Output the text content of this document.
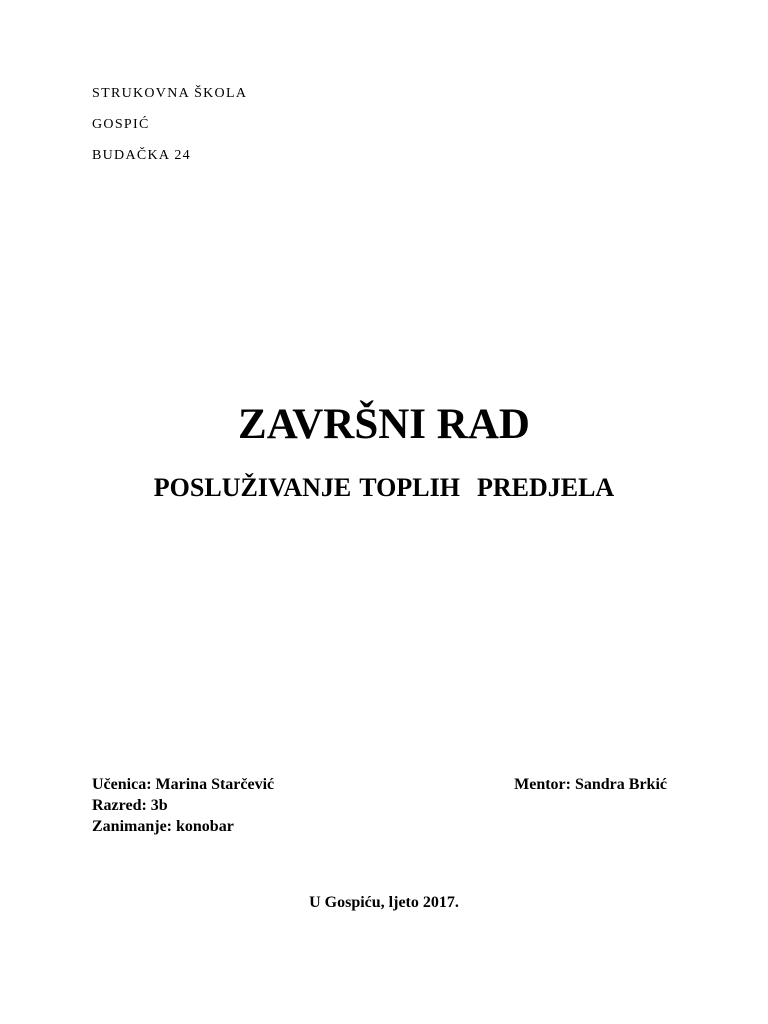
STRUKOVNA ŠKOLA
GOSPIĆ
BUDAČKA 24
ZAVRŠNI RAD
POSLUŽIVANJE TOPLIH  PREDJELA
Učenica: Marina Starčević
Razred: 3b
Zanimanje: konobar
Mentor: Sandra Brkić
U Gospiću, ljeto 2017.
